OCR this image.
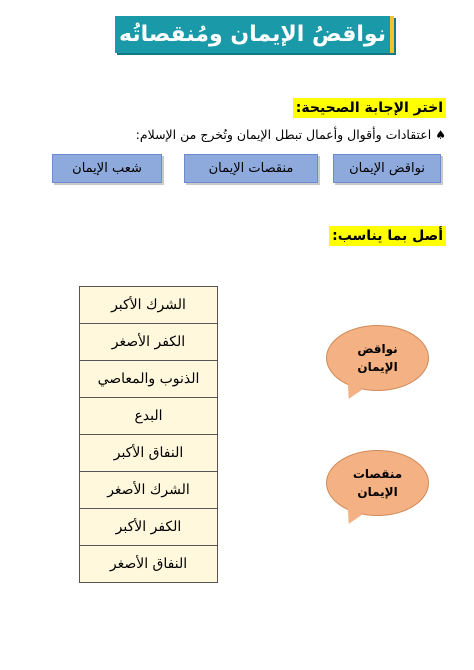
نواقضُ الإيمان ومُنقصاتُه
اختر الإجابة الصحيحة:
♠اعتقادات وأقوال وأعمال تبطل الإيمان وتُخرج من الإسلام:
نواقض الإيمان
منقصات الإيمان
شعب الإيمان
أصل بما يناسب:
الشرك الأكبر
الكفر الأصغر
الذنوب والمعاصي
البدع
النفاق الأكبر
الشرك الأصغر
الكفر الأكبر
النفاق الأصغر
نواقض
الإيمان
منقصات
الإيمان
